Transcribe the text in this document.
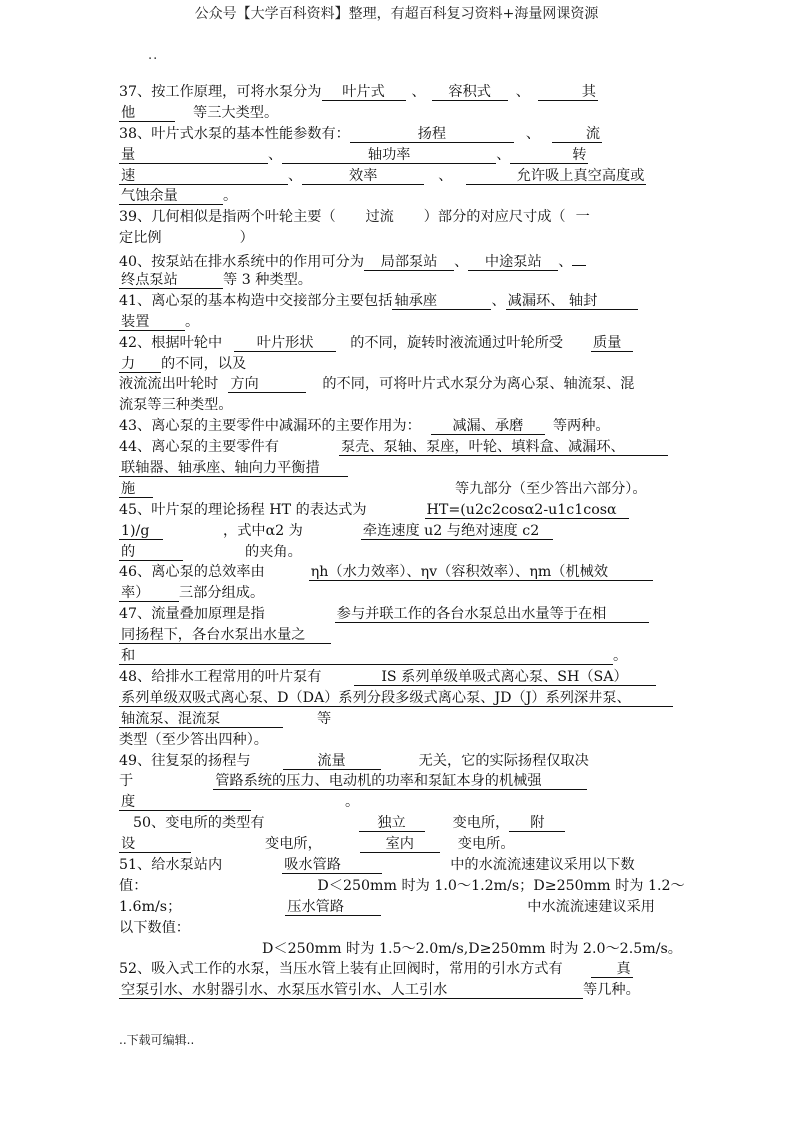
公众号【大学百科资料】整理，有超百科复习资料+海量网课资源
..
37、按工作原理，可将水泵分为 叶片式 、 容积式 、	其
他	等三大类型。
38、叶片式水泵的基本性能参数有：	扬程	、	流
量	、	轴功率	、	转
速	、	效率	、	允许吸上真空高度或
气蚀余量	。
39、几何相似是指两个叶轮主要（ 过流 ）部分的对应尺寸成（ 一
定比例	）
40、按泵站在排水系统中的作用可分为 局部泵站 、 中途泵站 、
终点泵站	等 3 种类型。
41、离心泵的基本构造中交接部分主要包括 轴承座	、 减漏环、 轴封
装置	。
42、根据叶轮中 叶片形状	的不同，旋转时液流通过叶轮所受 质量
力 的不同，以及
液流流出叶轮时 方向	的不同，可将叶片式水泵分为离心泵、轴流泵、混
流泵等三种类型。
43、离心泵的主要零件中减漏环的主要作用为： 减漏、承磨 等两种。
44、离心泵的主要零件有	泵壳、泵轴、泵座，叶轮、填料盒、减漏环、
联轴器、轴承座、轴向力平衡措
施	等九部分（至少答出六部分）。
45、叶片泵的理论扬程 HT 的表达式为	HT=(u2c2cosα2-u1c1cosα
1)/g	，式中α2 为	牵连速度 u2 与绝对速度 c2
的	的夹角。
46、离心泵的总效率由	ηh（水力效率）、ηv（容积效率）、ηm（机械效
率） 三部分组成。
47、流量叠加原理是指	参与并联工作的各台水泵总出水量等于在相
同扬程下，各台水泵出水量之
和	。
48、给排水工程常用的叶片泵有	IS 系列单级单吸式离心泵、SH（SA）
系列单级双吸式离心泵、D（DA）系列分段多级式离心泵、JD（J）系列深井泵、
轴流泵、混流泵	等
类型（至少答出四种）。
49、往复泵的扬程与	流量	无关，它的实际扬程仅取决
于	管路系统的压力、电动机的功率和泵缸本身的机械强
度	。
50、变电所的类型有	独立	变电所， 附
设	变电所，	室内	变电所。
51、给水泵站内	吸水管路	中的水流流速建议采用以下数
值：	D＜250mm 时为 1.0～1.2m/s；D≥250mm 时为 1.2～
1.6m/s；	压水管路	中水流流速建议采用
以下数值：
D＜250mm 时为 1.5～2.0m/s,D≥250mm 时为 2.0～2.5m/s。
52、吸入式工作的水泵，当压水管上装有止回阀时，常用的引水方式有	真
空泵引水、水射器引水、水泵压水管引水、人工引水	等几种。
..下载可编辑..
